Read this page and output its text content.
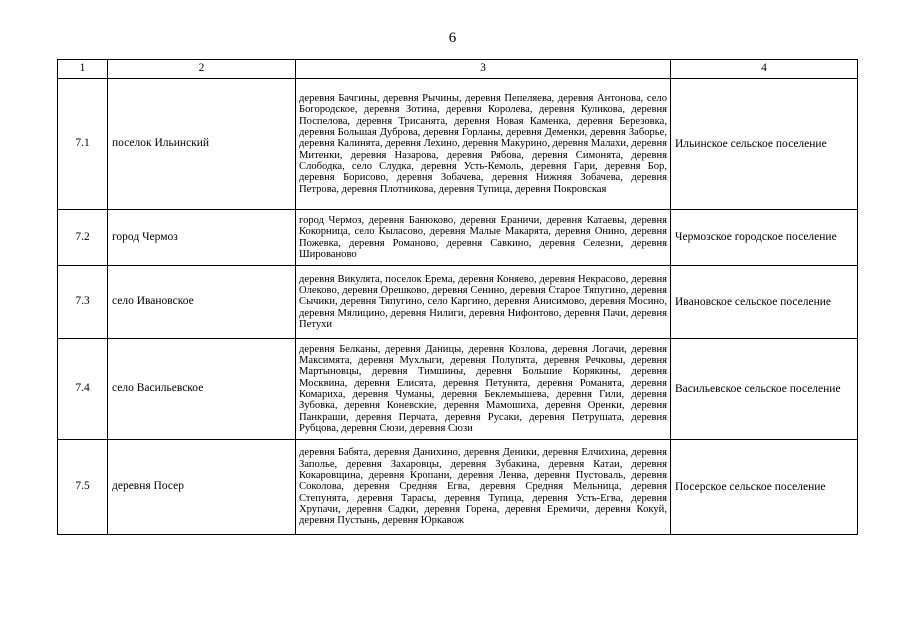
6
1	2	3	4
7.1	поселок Ильинский	деревня Бачгины, деревня Рычины, деревня Пепеляева, деревня Антонова, село Богородское, деревня Зотина, деревня Королева, деревня Куликова, деревня Поспелова, деревня Трисанята, деревня Новая Каменка, деревня Березовка, деревня Большая Дуброва, деревня Горланы, деревня Деменки, деревня Заборье, деревня Калинята, деревня Лехино, деревня Макурино, деревня Малахи, деревня Митенки, деревня Назарова, деревня Рябова, деревня Симонята, деревня Слободка, село Слудка, деревня Усть-Кемоль, деревня Гари, деревня Бор, деревня Борисово, деревня Зобачева, деревня Нижняя Зобачева, деревня Петрова, деревня Плотникова, деревня Тупица, деревня Покровская	Ильинское сельское поселение
7.2	город Чермоз	город Чермоз, деревня Банюково, деревня Ераничи, деревня Катаевы, деревня Кокорница, село Кыласово, деревня Малые Макарята, деревня Онино, деревня Пожевка, деревня Романово, деревня Савкино, деревня Селезни, деревня Шированово	Чермозское городское поселение
7.3	село Ивановское	деревня Викулята, поселок Ерема, деревня Коняево, деревня Некрасово, деревня Олеково, деревня Орешково, деревня Сенино, деревня Старое Тяпугино, деревня Сычики, деревня Тяпугино, село Каргино, деревня Анисимово, деревня Мосино, деревня Мялицино, деревня Нилиги, деревня Нифонтово, деревня Пачи, деревня Петухи	Ивановское сельское поселение
7.4	село Васильевское	деревня Белканы, деревня Даницы, деревня Козлова, деревня Логачи, деревня Максимята, деревня Мухлыги, деревня Полупята, деревня Речковы, деревня Мартыновцы, деревня Тимшины, деревня Большие Корякины, деревня Москвина, деревня Елисята, деревня Петунята, деревня Романята, деревня Комариха, деревня Чуманы, деревня Беклемышева, деревня Гили, деревня Зубовка, деревня Коневские, деревня Мамошиха, деревня Оренки, деревня Панкраши, деревня Перчата, деревня Русаки, деревня Петрушата, деревня Рубцова, деревня Сюзи, деревня Сюзи	Васильевское сельское поселение
7.5	деревня Посер	деревня Бабята, деревня Данихино, деревня Деники, деревня Елчихина, деревня Заполье, деревня Захаровцы, деревня Зубакина, деревня Катаи, деревня Кокаровщина, деревня Кропани, деревня Ленва, деревня Пустоваль, деревня Соколова, деревня Средняя Егва, деревня Средняя Мельница, деревня Степунята, деревня Тарасы, деревня Тупица, деревня Усть-Егва, деревня Хрупачи, деревня Садки, деревня Горена, деревня Еремичи, деревня Кокуй, деревня Пустынь, деревня Юркавож	Посерское сельское поселение
